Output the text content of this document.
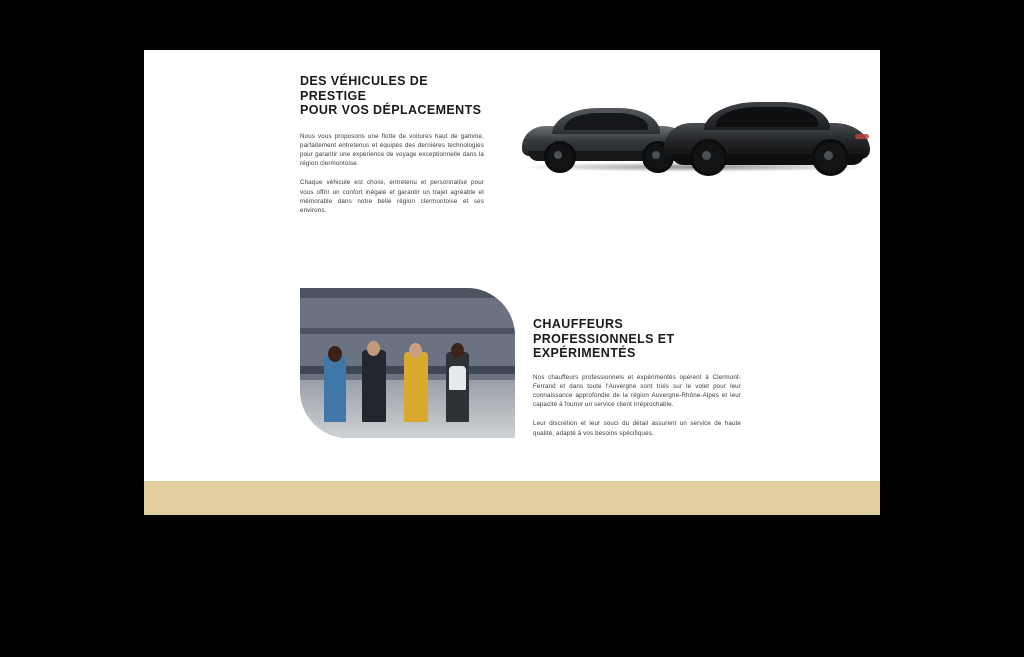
DES VÉHICULES DE PRESTIGE
POUR VOS DÉPLACEMENTS

Nous vous proposons une flotte de voitures haut de gamme, parfaitement entretenus et équipés des dernières technologies pour garantir une expérience de voyage exceptionnelle dans la région clermontoise.

Chaque véhicule est choisi, entretenu et personnalisé pour vous offrir un confort inégalé et garantir un trajet agréable et mémorable dans notre belle région clermontoise et ses environs.

CHAUFFEURS PROFESSIONNELS ET
EXPÉRIMENTÉS

Nos chauffeurs professionnels et expérimentés opèrent à Clermont-Ferrand et dans toute l'Auvergne sont triés sur le volet pour leur connaissance approfondie de la région Auvergne-Rhône-Alpes et leur capacité à fournir un service client irréprochable.

Leur discrétion et leur souci du détail assurent un service de haute qualité, adapté à vos besoins spécifiques.
